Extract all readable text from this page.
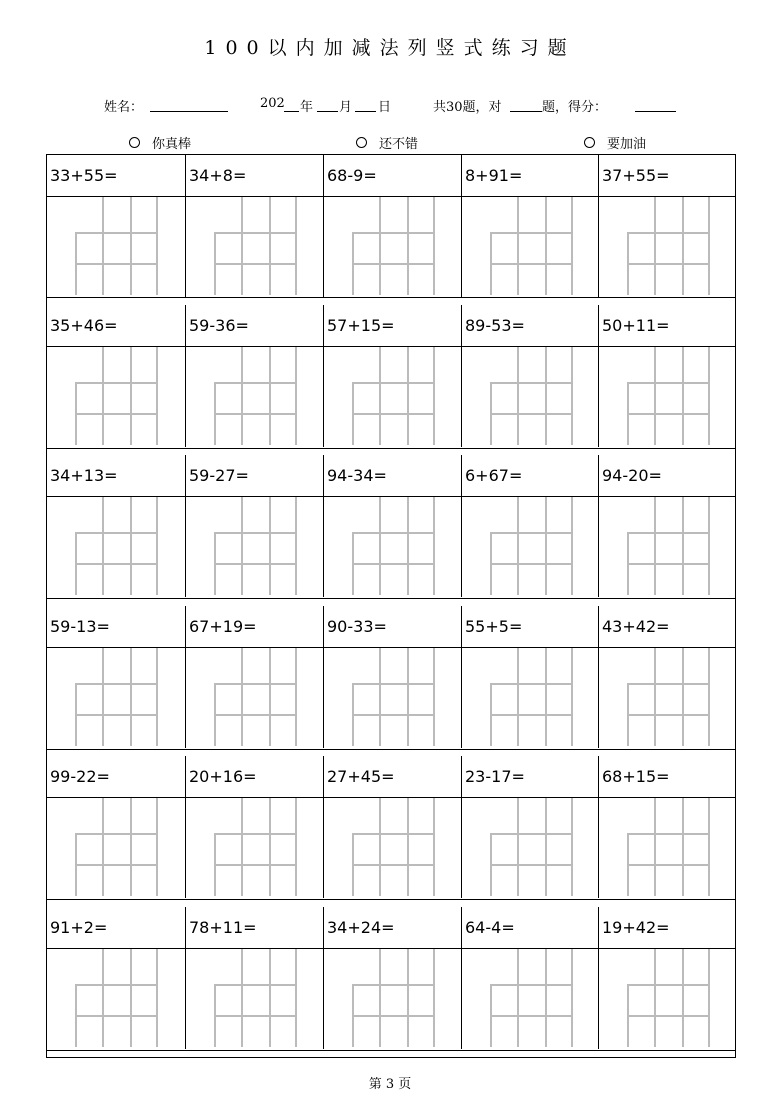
100以内加减法列竖式练习题
姓名：	202 年 月 日	共30题，对	题，得分：
你真棒	还不错	要加油
33+55=	34+8=	68-9=	8+91=	37+55=
35+46=	59-36=	57+15=	89-53=	50+11=
34+13=	59-27=	94-34=	6+67=	94-20=
59-13=	67+19=	90-33=	55+5=	43+42=
99-22=	20+16=	27+45=	23-17=	68+15=
91+2=	78+11=	34+24=	64-4=	19+42=
第 3 页
